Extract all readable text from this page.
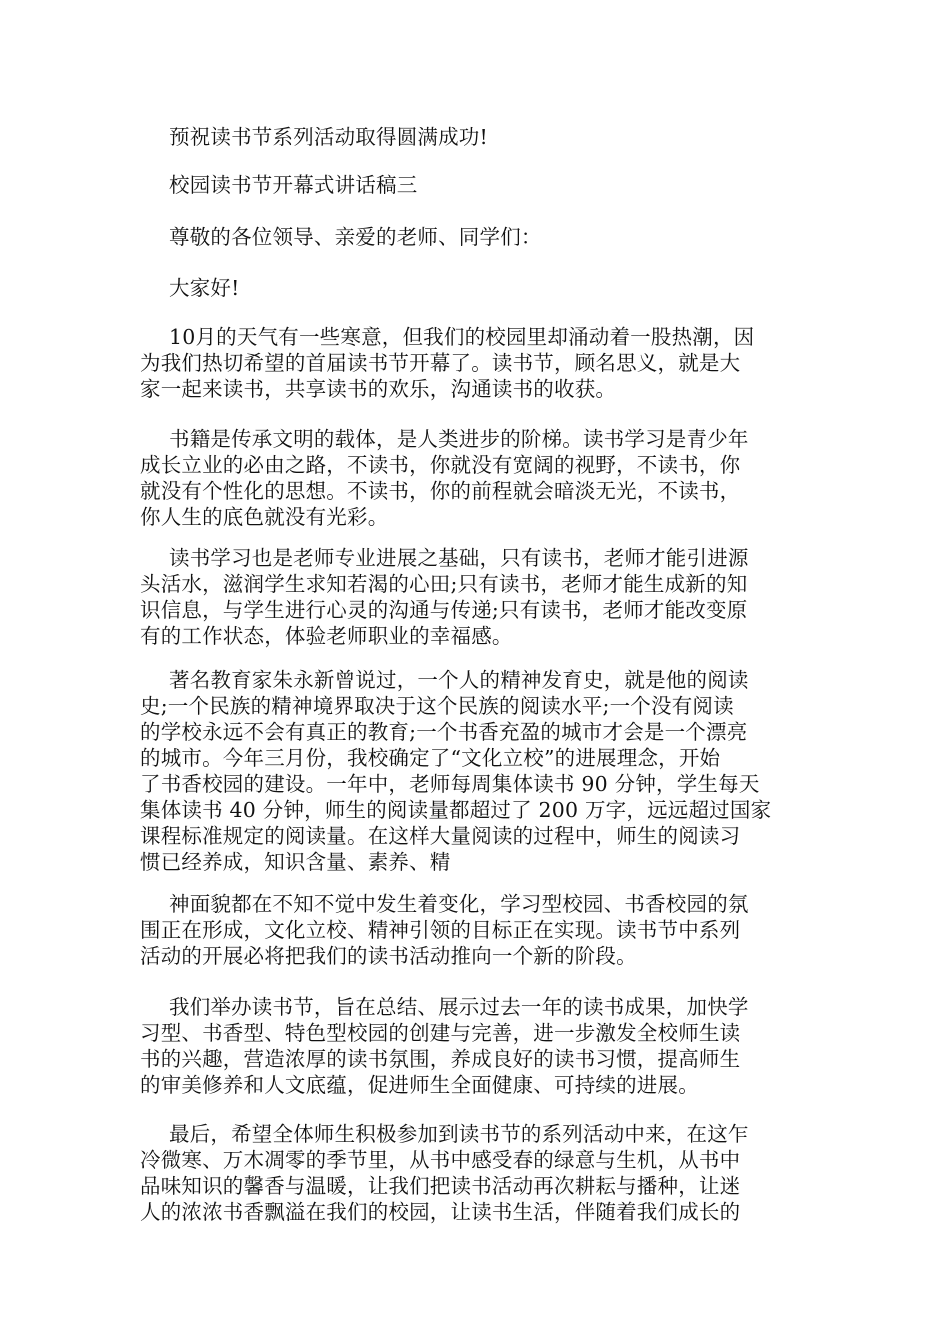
预祝读书节系列活动取得圆满成功!
校园读书节开幕式讲话稿三
尊敬的各位领导、亲爱的老师、同学们：
大家好!
10月的天气有一些寒意，但我们的校园里却涌动着一股热潮，因
为我们热切希望的首届读书节开幕了。读书节，顾名思义，就是大
家一起来读书，共享读书的欢乐，沟通读书的收获。
书籍是传承文明的载体，是人类进步的阶梯。读书学习是青少年
成长立业的必由之路，不读书，你就没有宽阔的视野，不读书，你
就没有个性化的思想。不读书，你的前程就会暗淡无光，不读书，
你人生的底色就没有光彩。
读书学习也是老师专业进展之基础，只有读书，老师才能引进源
头活水，滋润学生求知若渴的心田;只有读书，老师才能生成新的知
识信息，与学生进行心灵的沟通与传递;只有读书，老师才能改变原
有的工作状态，体验老师职业的幸福感。
著名教育家朱永新曾说过，一个人的精神发育史，就是他的阅读
史;一个民族的精神境界取决于这个民族的阅读水平;一个没有阅读
的学校永远不会有真正的教育;一个书香充盈的城市才会是一个漂亮
的城市。今年三月份，我校确定了“文化立校”的进展理念，开始
了书香校园的建设。一年中，老师每周集体读书 90 分钟，学生每天
集体读书 40 分钟，师生的阅读量都超过了 200 万字，远远超过国家
课程标准规定的阅读量。在这样大量阅读的过程中，师生的阅读习
惯已经养成，知识含量、素养、精
神面貌都在不知不觉中发生着变化，学习型校园、书香校园的氛
围正在形成，文化立校、精神引领的目标正在实现。读书节中系列
活动的开展必将把我们的读书活动推向一个新的阶段。
我们举办读书节，旨在总结、展示过去一年的读书成果，加快学
习型、书香型、特色型校园的创建与完善，进一步激发全校师生读
书的兴趣，营造浓厚的读书氛围，养成良好的读书习惯，提高师生
的审美修养和人文底蕴，促进师生全面健康、可持续的进展。
最后，希望全体师生积极参加到读书节的系列活动中来，在这乍
冷微寒、万木凋零的季节里，从书中感受春的绿意与生机，从书中
品味知识的馨香与温暖，让我们把读书活动再次耕耘与播种，让迷
人的浓浓书香飘溢在我们的校园，让读书生活，伴随着我们成长的
